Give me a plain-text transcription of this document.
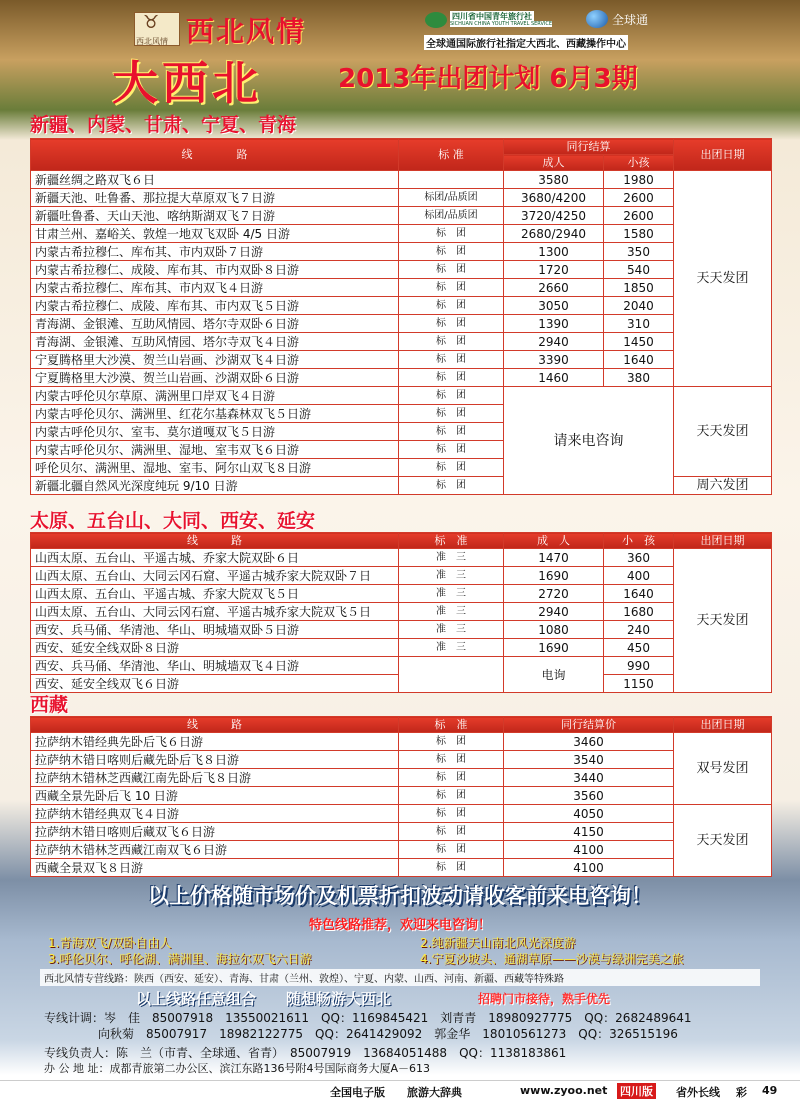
♉
西北风情 西北风情	四川省中国青年旅行社
SICHUAN CHINA YOUTH TRAVEL SERVICE	全球通
全球通国际旅行社指定大西北、西藏操作中心
大西北	2013年出团计划 6月3期
新疆、内蒙、甘肃、宁夏、青海
线　　　　路	标 准	同行结算		出团日期
		成人	小孩	
新疆丝绸之路双飞６日		3580	1980	天天发团
新疆天池、吐鲁番、那拉提大草原双飞７日游	标团/品质团	3680/4200	2600	
新疆吐鲁番、天山天池、喀纳斯湖双飞７日游	标团/品质团	3720/4250	2600	
甘肃兰州、嘉峪关、敦煌一地双飞双卧 4/5 日游	标　团	2680/2940	1580	
内蒙古希拉穆仁、库布其、市内双卧７日游	标　团	1300	350	
内蒙古希拉穆仁、成陵、库布其、市内双卧８日游	标　团	1720	540	
内蒙古希拉穆仁、库布其、市内双飞４日游	标　团	2660	1850	
内蒙古希拉穆仁、成陵、库布其、市内双飞５日游	标　团	3050	2040	
青海湖、金银滩、互助风情园、塔尔寺双卧６日游	标　团	1390	310	
青海湖、金银滩、互助风情园、塔尔寺双飞４日游	标　团	2940	1450	
宁夏腾格里大沙漠、贺兰山岩画、沙湖双飞４日游	标　团	3390	1640	
宁夏腾格里大沙漠、贺兰山岩画、沙湖双卧６日游	标　团	1460	380	
内蒙古呼伦贝尔草原、满洲里口岸双飞４日游	标　团	请来电咨询		天天发团
内蒙古呼伦贝尔、满洲里、红花尔基森林双飞５日游	标　团			
内蒙古呼伦贝尔、室韦、莫尔道嘎双飞５日游	标　团			
内蒙古呼伦贝尔、满洲里、湿地、室韦双飞６日游	标　团			
呼伦贝尔、满洲里、湿地、室韦、阿尔山双飞８日游	标　团			
新疆北疆自然风光深度纯玩 9/10 日游	标　团			周六发团
太原、五台山、大同、西安、延安
线　　　路	标　准	成　人	小　孩	出团日期
山西太原、五台山、平遥古城、乔家大院双卧６日	准　三	1470	360	天天发团
山西太原、五台山、大同云冈石窟、平遥古城乔家大院双卧７日	准　三	1690	400	
山西太原、五台山、平遥古城、乔家大院双飞５日	准　三	2720	1640	
山西太原、五台山、大同云冈石窟、平遥古城乔家大院双飞５日	准　三	2940	1680	
西安、兵马俑、华清池、华山、明城墙双卧５日游	准　三	1080	240	
西安、延安全线双卧８日游	准　三	1690	450	
西安、兵马俑、华清池、华山、明城墙双飞４日游		电询	990	
西安、延安全线双飞６日游			1150	
西藏
线　　　路	标　准	同行结算价	出团日期
拉萨纳木错经典先卧后飞６日游	标　团	3460	双号发团
拉萨纳木错日喀则后藏先卧后飞８日游	标　团	3540	
拉萨纳木错林芝西藏江南先卧后飞８日游	标　团	3440	
西藏全景先卧后飞 10 日游	标　团	3560	
拉萨纳木错经典双飞４日游	标　团	4050	天天发团
拉萨纳木错日喀则后藏双飞６日游	标　团	4150	
拉萨纳木错林芝西藏江南双飞６日游	标　团	4100	
西藏全景双飞８日游	标　团	4100	
以上价格随市场价及机票折扣波动请收客前来电咨询！
特色线路推荐，欢迎来电咨询！
1.青海双飞/双卧自由人	2.纯新疆天山南北风光深度游
3.呼伦贝尔、呼伦湖、满洲里、海拉尔双飞六日游	4.宁夏沙坡头、通湖草原——沙漠与绿洲完美之旅
西北风情专营线路：陕西（西安、延安）、青海、甘肃（兰州、敦煌）、宁夏、内蒙、山西、河南、新疆、西藏等特殊路
以上线路任意组合　　随想畅游大西北	招聘门市接待，熟手优先
专线计调：岑　佳　85007918　13550021611　QQ：1169845421　刘青青　18980927775　QQ：2682489641
向秋菊　85007917　18982122775　QQ：2641429092　郭金华　18010561273　QQ：326515196
专线负责人：陈　兰（市青、全球通、省青）　85007919　13684051488　QQ：1138183861
办 公 地 址：成都青旅第二办公区、滨江东路136号附4号国际商务大厦A－613
全国电子版 旅游大辞典	www.zyoo.net 四川版 省外长线 彩 49
